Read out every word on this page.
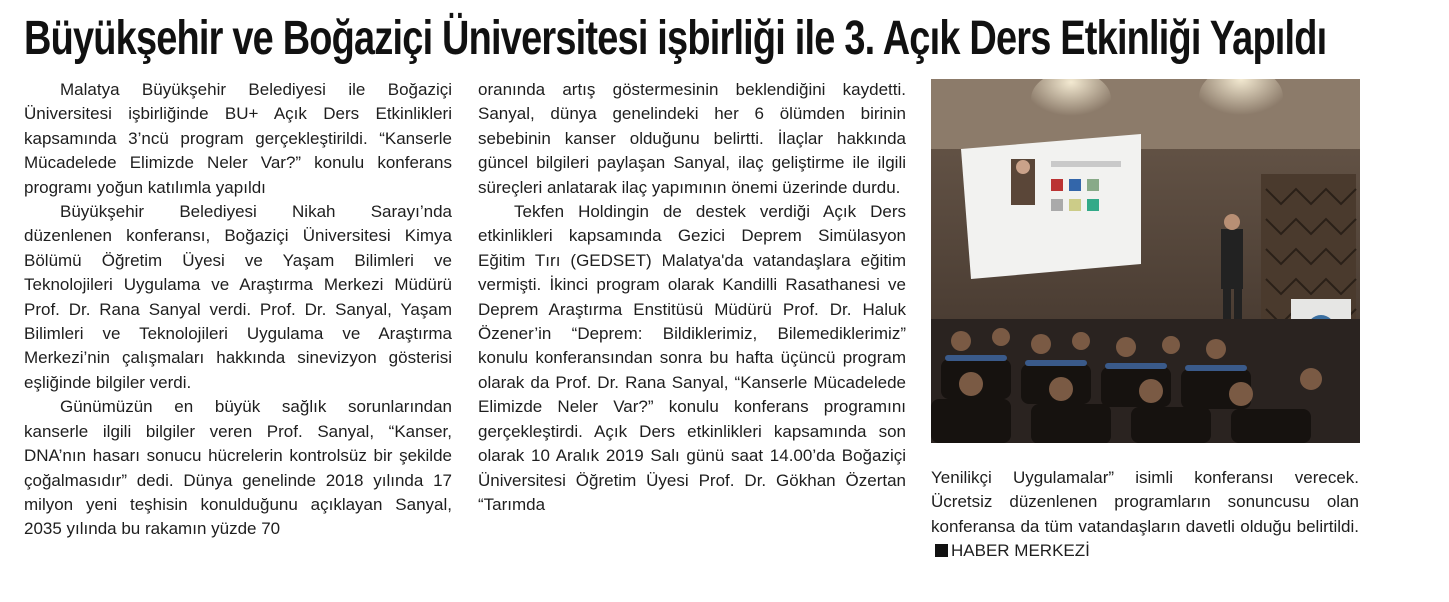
Büyükşehir ve Boğaziçi Üniversitesi işbirliği ile 3. Açık Ders Etkinliği Yapıldı

Malatya Büyükşehir Belediyesi ile Boğaziçi Üniversitesi işbirliğinde BU+ Açık Ders Etkinlikleri kapsamında 3’ncü program gerçekleştirildi. “Kanserle Mücadelede Elimizde Neler Var?” konulu konferans programı yoğun katılımla yapıldı

Büyükşehir Belediyesi Nikah Sarayı’nda düzenlenen konferansı, Boğaziçi Üniversitesi Kimya Bölümü Öğretim Üyesi ve Yaşam Bilimleri ve Teknolojileri Uygulama ve Araştırma Merkezi Müdürü Prof. Dr. Rana Sanyal verdi. Prof. Dr. Sanyal, Yaşam Bilimleri ve Teknolojileri Uygulama ve Araştırma Merkezi’nin çalışmaları hakkında sinevizyon gösterisi eşliğinde bilgiler verdi.

Günümüzün en büyük sağlık sorunlarından kanserle ilgili bilgiler veren Prof. Sanyal, “Kanser, DNA’nın hasarı sonucu hücrelerin kontrolsüz bir şekilde çoğalmasıdır” dedi. Dünya genelinde 2018 yılında 17 milyon yeni teşhisin konulduğunu açıklayan Sanyal, 2035 yılında bu rakamın yüzde 70

oranında artış göstermesinin beklendiğini kaydetti. Sanyal, dünya genelindeki her 6 ölümden birinin sebebinin kanser olduğunu belirtti. İlaçlar hakkında güncel bilgileri paylaşan Sanyal, ilaç geliştirme ile ilgili süreçleri anlatarak ilaç yapımının önemi üzerinde durdu.

Tekfen Holdingin de destek verdiği Açık Ders etkinlikleri kapsamında Gezici Deprem Simülasyon Eğitim Tırı (GEDSET) Malatya'da vatandaşlara eğitim vermişti. İkinci program olarak Kandilli Rasathanesi ve Deprem Araştırma Enstitüsü Müdürü Prof. Dr. Haluk Özener’in “Deprem: Bildiklerimiz, Bilemediklerimiz” konulu konferansından sonra bu hafta üçüncü program olarak da Prof. Dr. Rana Sanyal, “Kanserle Mücadelede Elimizde Neler Var?” konulu konferans programını gerçekleştirdi. Açık Ders etkinlikleri kapsamında son olarak 10 Aralık 2019 Salı günü saat 14.00’da Boğaziçi Üniversitesi Öğretim Üyesi Prof. Dr. Gökhan Özertan “Tarımda

Yenilikçi Uygulamalar” isimli konferansı verecek. Ücretsiz düzenlenen programların sonuncusu olan konferansa da tüm vatandaşların davetli olduğu belirtildi.HABER MERKEZİ
